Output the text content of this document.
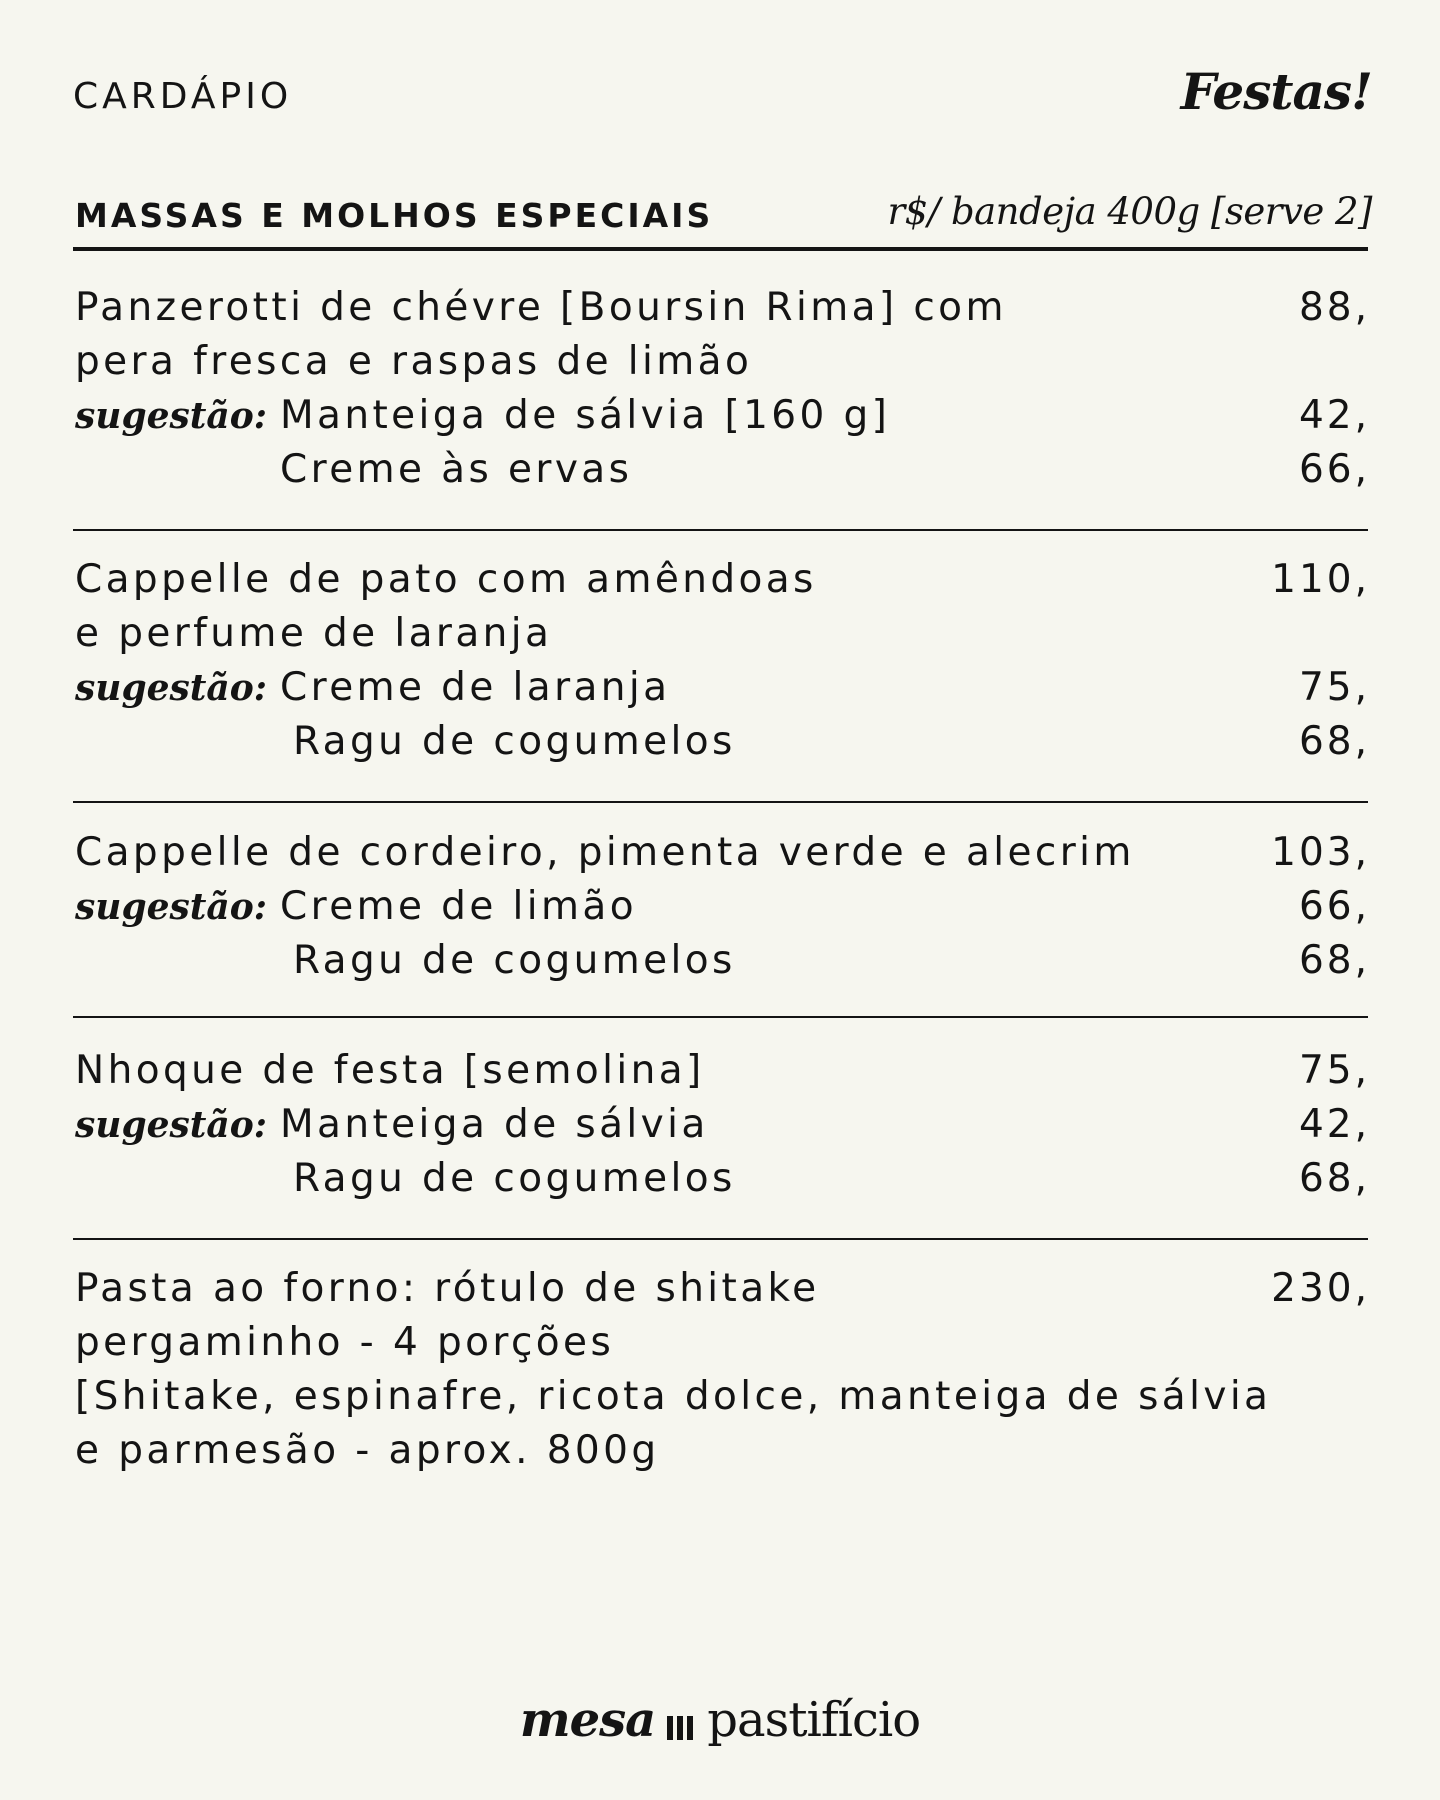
CARDÁPIO	Festas!
MASSAS E MOLHOS ESPECIAIS	r$/ bandeja 400g [serve 2]
Panzerotti de chévre [Boursin Rima] com	88,
pera fresca e raspas de limão
sugestão: Manteiga de sálvia [160 g]	42,
Creme às ervas	66,
Cappelle de pato com amêndoas	110,
e perfume de laranja
sugestão: Creme de laranja	75,
Ragu de cogumelos	68,
Cappelle de cordeiro, pimenta verde e alecrim	103,
sugestão: Creme de limão	66,
Ragu de cogumelos	68,
Nhoque de festa [semolina]	75,
sugestão: Manteiga de sálvia	42,
Ragu de cogumelos	68,
Pasta ao forno: rótulo de shitake	230,
pergaminho - 4 porções
[Shitake, espinafre, ricota dolce, manteiga de sálvia
e parmesão - aprox. 800g
mesa pastifício
